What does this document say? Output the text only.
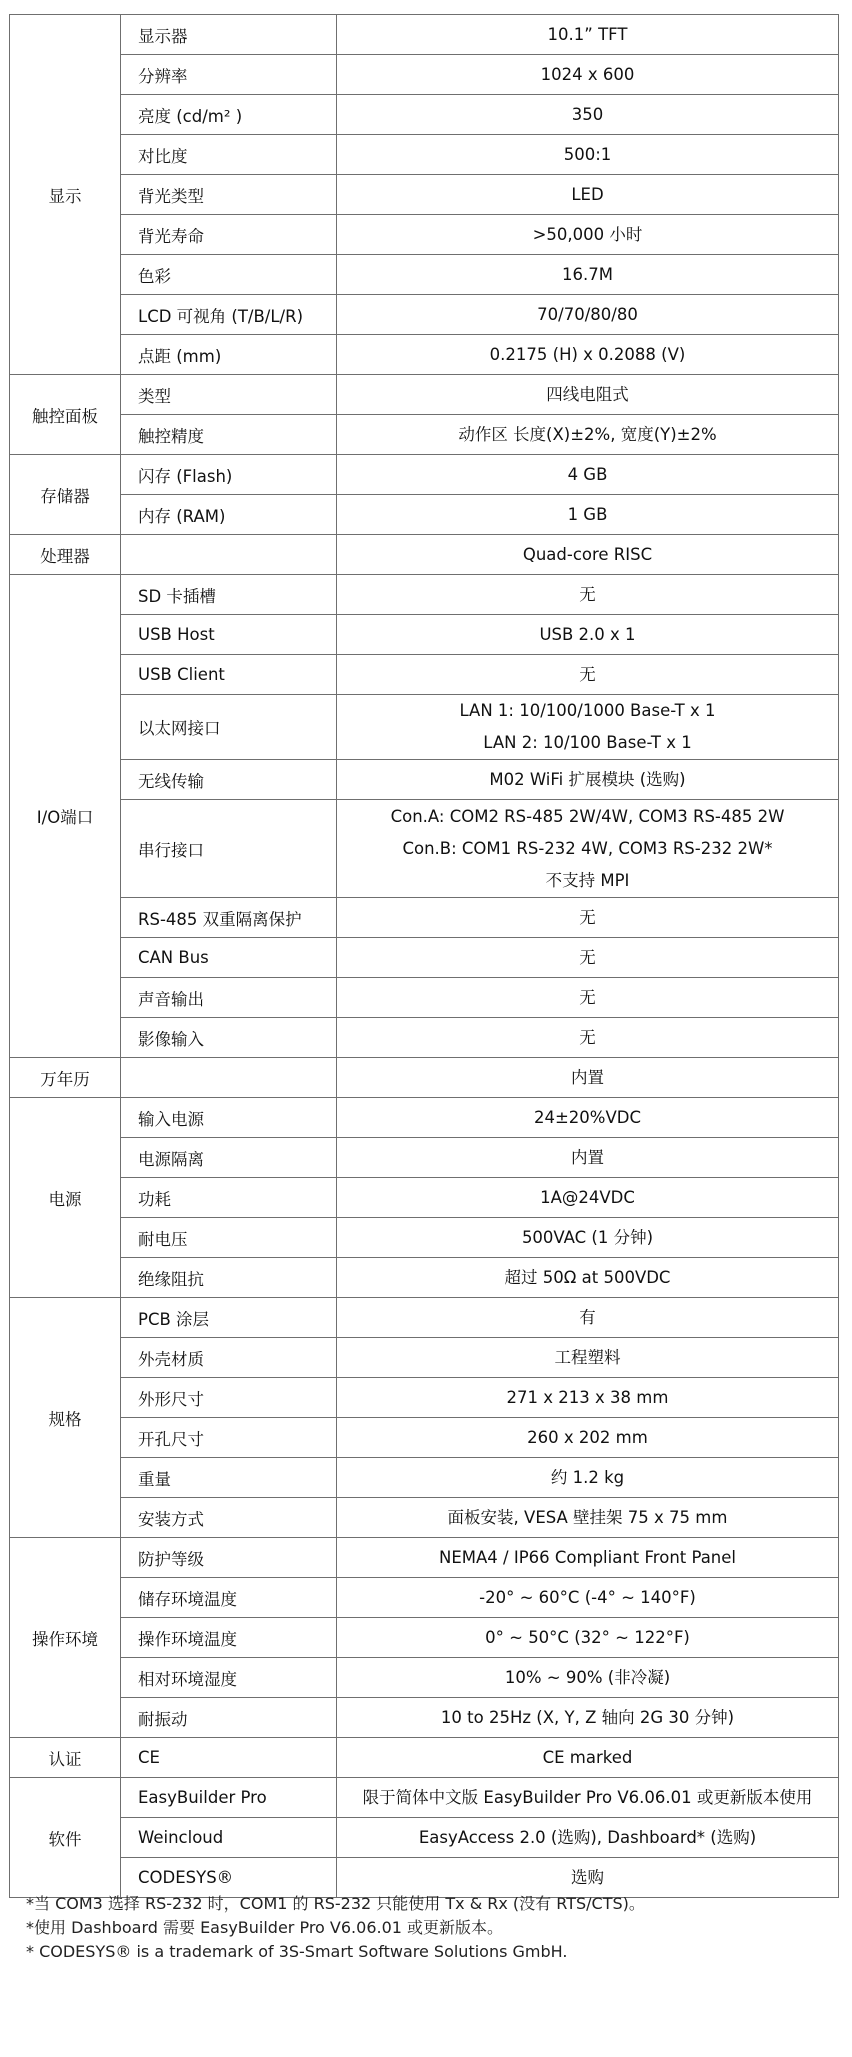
显示	显示器	10.1” TFT

	分辨率	1024 x 600

	亮度 (cd/m² )	350

	对比度	500:1

	背光类型	LED

	背光寿命	>50,000 小时

	色彩	16.7M

	LCD 可视角 (T/B/L/R)	70/70/80/80

	点距 (mm)	0.2175 (H) x 0.2088 (V)

触控面板	类型	四线电阻式

	触控精度	动作区 长度(X)±2%, 宽度(Y)±2%

存储器	闪存 (Flash)	4 GB

	内存 (RAM)	1 GB

处理器		Quad-core RISC

I/O端口	SD 卡插槽	无

	USB Host	USB 2.0 x 1

	USB Client	无

	以太网接口	LAN 1: 10/100/1000 Base-T x 1
LAN 2: 10/100 Base-T x 1

	无线传输	M02 WiFi 扩展模块 (选购)

	串行接口	Con.A: COM2 RS-485 2W/4W, COM3 RS-485 2W
Con.B: COM1 RS-232 4W, COM3 RS-232 2W*
不支持 MPI

	RS-485 双重隔离保护	无

	CAN Bus	无

	声音输出	无

	影像输入	无

万年历		内置

电源	输入电源	24±20%VDC

	电源隔离	内置

	功耗	1A@24VDC

	耐电压	500VAC (1 分钟)

	绝缘阻抗	超过 50Ω at 500VDC

规格	PCB 涂层	有

	外壳材质	工程塑料

	外形尺寸	271 x 213 x 38 mm

	开孔尺寸	260 x 202 mm

	重量	约 1.2 kg

	安装方式	面板安装, VESA 壁挂架 75 x 75 mm

操作环境	防护等级	NEMA4 / IP66 Compliant Front Panel

	储存环境温度	-20° ~ 60°C (-4° ~ 140°F)

	操作环境温度	0° ~ 50°C (32° ~ 122°F)

	相对环境湿度	10% ~ 90% (非冷凝)

	耐振动	10 to 25Hz (X, Y, Z 轴向 2G 30 分钟)

认证	CE	CE marked

软件	EasyBuilder Pro	限于简体中文版 EasyBuilder Pro V6.06.01 或更新版本使用

	Weincloud	EasyAccess 2.0 (选购), Dashboard* (选购)

	CODESYS®	选购
*当 COM3 选择 RS-232 时，COM1 的 RS-232 只能使用 Tx & Rx (没有 RTS/CTS)。
*使用 Dashboard 需要 EasyBuilder Pro V6.06.01 或更新版本。
* CODESYS® is a trademark of 3S-Smart Software Solutions GmbH.
